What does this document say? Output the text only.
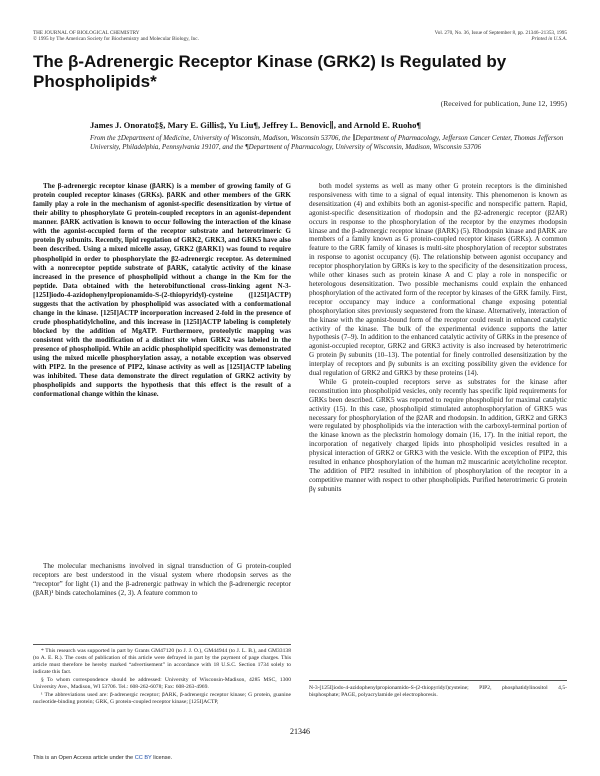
THE JOURNAL OF BIOLOGICAL CHEMISTRY
© 1995 by The American Society for Biochemistry and Molecular Biology, Inc.
Vol. 270, No. 36, Issue of September 8, pp. 21346–21353, 1995
Printed in U.S.A.
The β-Adrenergic Receptor Kinase (GRK2) Is Regulated by Phospholipids*
(Received for publication, June 12, 1995)
James J. Onorato‡§, Mary E. Gillis‡, Yu Liu¶, Jeffrey L. Benovic∥, and Arnold E. Ruoho¶
From the ‡Department of Medicine, University of Wisconsin, Madison, Wisconsin 53706, the ∥Department of Pharmacology, Jefferson Cancer Center, Thomas Jefferson University, Philadelphia, Pennsylvania 19107, and the ¶Department of Pharmacology, University of Wisconsin, Madison, Wisconsin 53706

The β-adrenergic receptor kinase (βARK) is a member of growing family of G protein coupled receptor kinases (GRKs). βARK and other members of the GRK family play a role in the mechanism of agonist-specific desensitization by virtue of their ability to phosphorylate G protein-coupled receptors in an agonist-dependent manner. βARK activation is known to occur following the interaction of the kinase with the agonist-occupied form of the receptor substrate and heterotrimeric G protein βγ subunits. Recently, lipid regulation of GRK2, GRK3, and GRK5 have also been described. Using a mixed micelle assay, GRK2 (βARK1) was found to require phospholipid in order to phosphorylate the β2-adrenergic receptor. As determined with a nonreceptor peptide substrate of βARK, catalytic activity of the kinase increased in the presence of phospholipid without a change in the Km for the peptide. Data obtained with the heterobifunctional cross-linking agent N-3-[125I]iodo-4-azidophenylpropionamido-S-(2-thiopyridyl)-cysteine ([125I]ACTP) suggests that the activation by phospholipid was associated with a conformational change in the kinase. [125I]ACTP incorporation increased 2-fold in the presence of crude phosphatidylcholine, and this increase in [125I]ACTP labeling is completely blocked by the addition of MgATP. Furthermore, proteolytic mapping was consistent with the modification of a distinct site when GRK2 was labeled in the presence of phospholipid. While an acidic phospholipid specificity was demonstrated using the mixed micelle phosphorylation assay, a notable exception was observed with PIP2. In the presence of PIP2, kinase activity as well as [125I]ACTP labeling was inhibited. These data demonstrate the direct regulation of GRK2 activity by phospholipids and supports the hypothesis that this effect is the result of a conformational change within the kinase.

The molecular mechanisms involved in signal transduction of G protein-coupled receptors are best understood in the visual system where rhodopsin serves as the “receptor” for light (1) and the β-adrenergic pathway in which the β-adrenergic receptor (βAR)¹ binds catecholamines (2, 3). A feature common to

both model systems as well as many other G protein receptors is the diminished responsiveness with time to a signal of equal intensity. This phenomenon is known as desensitization (4) and exhibits both an agonist-specific and nonspecific pattern. Rapid, agonist-specific desensitization of rhodopsin and the β2-adrenergic receptor (β2AR) occurs in response to the phosphorylation of the receptor by the enzymes rhodopsin kinase and the β-adrenergic receptor kinase (βARK) (5). Rhodopsin kinase and βARK are members of a family known as G protein-coupled receptor kinases (GRKs). A common feature to the GRK family of kinases is multi-site phosphorylation of receptor substrates in response to agonist occupancy (6). The relationship between agonist occupancy and receptor phosphorylation by GRKs is key to the specificity of the desensitization process, while other kinases such as protein kinase A and C play a role in nonspecific or heterologous desensitization. Two possible mechanisms could explain the enhanced phosphorylation of the activated form of the receptor by kinases of the GRK family. First, receptor occupancy may induce a conformational change exposing potential phosphorylation sites previously sequestered from the kinase. Alternatively, interaction of the kinase with the agonist-bound form of the receptor could result in enhanced catalytic activity of the kinase. The bulk of the experimental evidence supports the latter hypothesis (7–9). In addition to the enhanced catalytic activity of GRKs in the presence of agonist-occupied receptor, GRK2 and GRK3 activity is also increased by heterotrimeric G protein βγ subunits (10–13). The potential for finely controlled desensitization by the interplay of receptors and βγ subunits is an exciting possibility given the evidence for dual regulation of GRK2 and GRK3 by these proteins (14).

While G protein-coupled receptors serve as substrates for the kinase after reconstitution into phospholipid vesicles, only recently has specific lipid requirements for GRKs been described. GRK5 was reported to require phospholipid for maximal catalytic activity (15). In this case, phospholipid stimulated autophosphorylation of GRK5 was necessary for phosphorylation of the β2AR and rhodopsin. In addition, GRK2 and GRK3 were regulated by phospholipids via the interaction with the carboxyl-terminal portion of the kinase known as the pleckstrin homology domain (16, 17). In the initial report, the incorporation of negatively charged lipids into phospholipid vesicles resulted in a physical interaction of GRK2 or GRK3 with the vesicle. With the exception of PIP2, this resulted in enhance phosphorylation of the human m2 muscarinic acetylcholine receptor. The addition of PIP2 resulted in inhibition of phosphorylation of the receptor in a competitive manner with respect to other phospholipids. Purified heterotrimeric G protein βγ subunits

* This research was supported in part by Grants GM47120 (to J. J. O.), GM44944 (to J. L. B.), and GM33138 (to A. E. R.). The costs of publication of this article were defrayed in part by the payment of page charges. This article must therefore be hereby marked “advertisement” in accordance with 18 U.S.C. Section 1734 solely to indicate this fact.

§ To whom correspondence should be addressed: University of Wisconsin-Madison, 4285 MSC, 1300 University Ave., Madison, WI 53706. Tel.: 608-262-6078; Fax: 608-263-4969.

¹ The abbreviations used are: β-adrenergic receptor; βARK, β-adrenergic receptor kinase; G protein, guanine nucleotide-binding protein; GRK, G protein-coupled receptor kinase; [125I]ACTP,

N-3-[125I]iodo-4-azidophenylpropionamido-S-(2-thiopyridyl)cysteine; PIP2, phosphatidylinositol 4,5-bisphosphate; PAGE, polyacrylamide gel electrophoresis.
21346
This is an Open Access article under the CC BY license.
